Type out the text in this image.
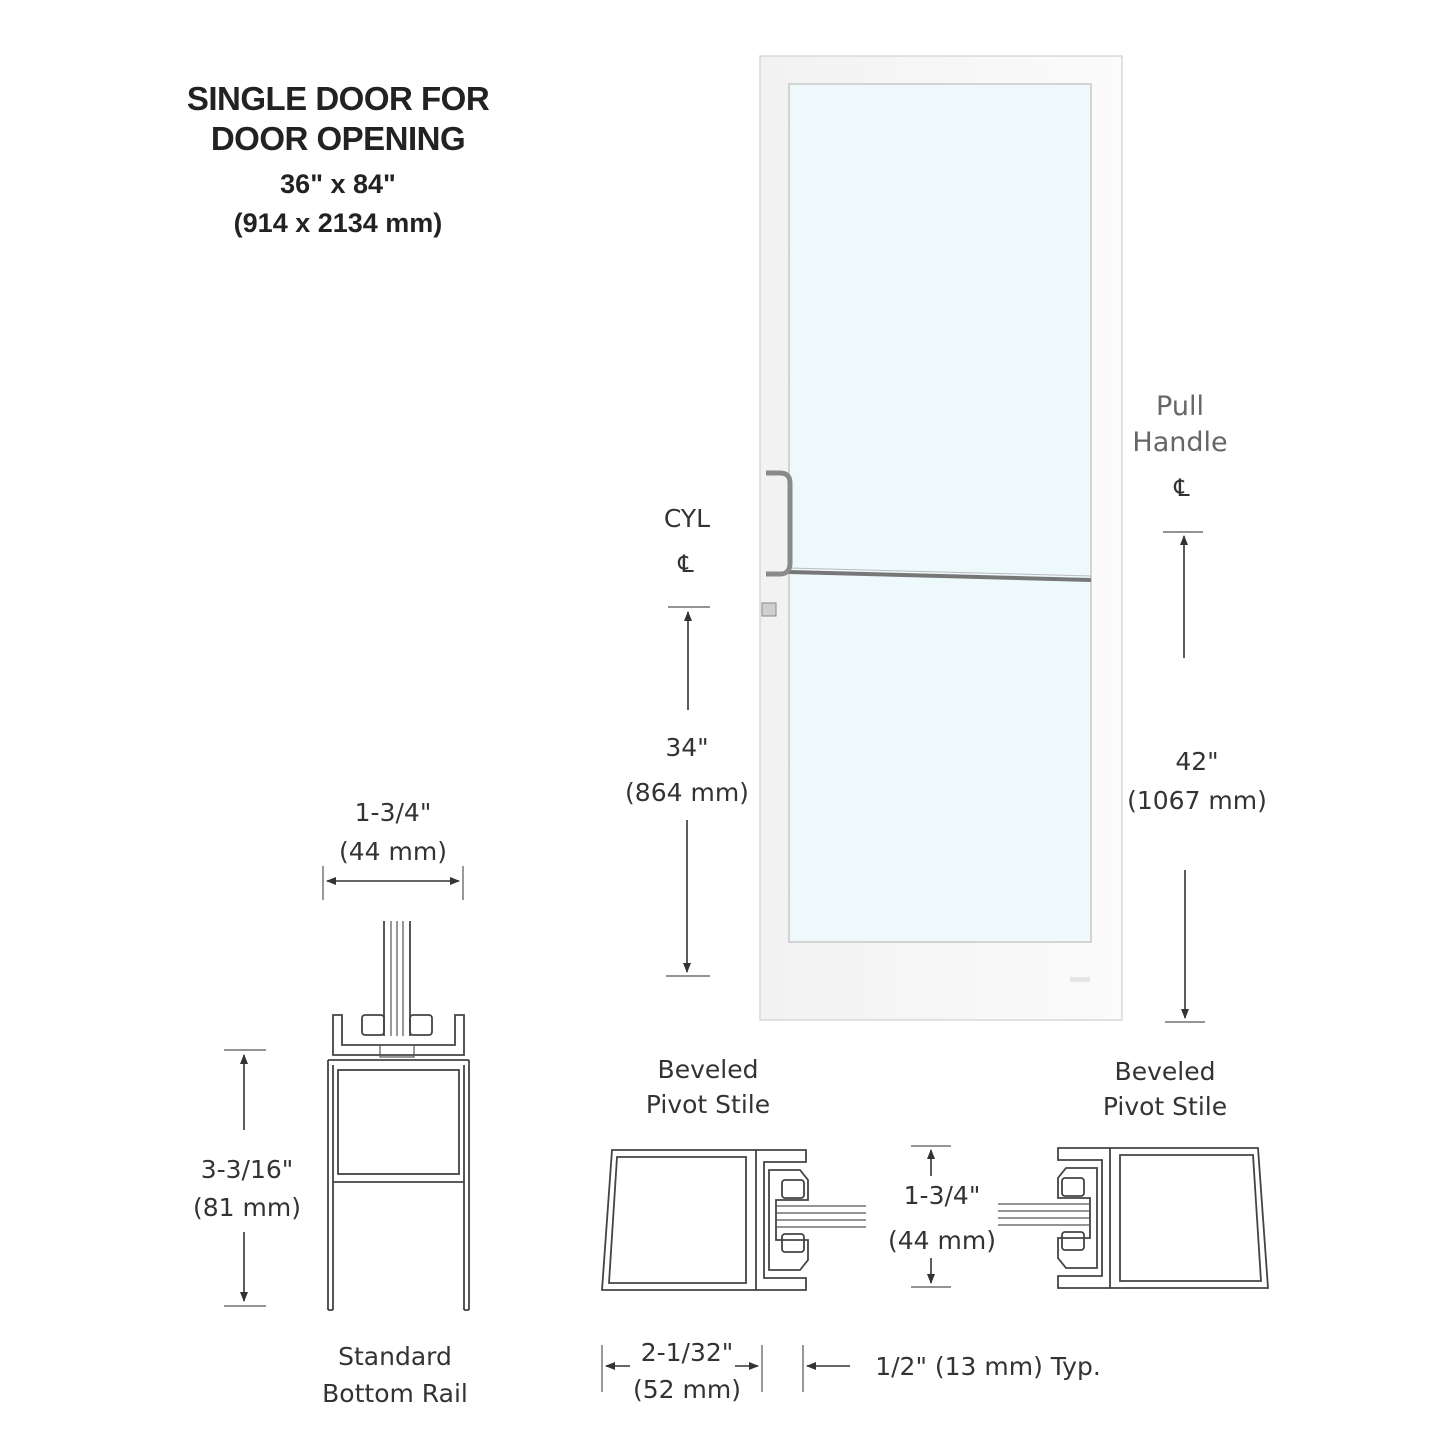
SINGLE DOOR FOR
DOOR OPENING
36" x 84"
(914 x 2134 mm)
Pull
Handle
℄
42"
(1067 mm)
CYL
℄
34"
(864 mm)
1-3/4"
(44 mm)
3-3/16"
(81 mm)
Standard
Bottom Rail
Beveled
Pivot Stile
2-1/32"
(52 mm)
1-3/4"
(44 mm)
1/2" (13 mm) Typ.
Beveled
Pivot Stile
